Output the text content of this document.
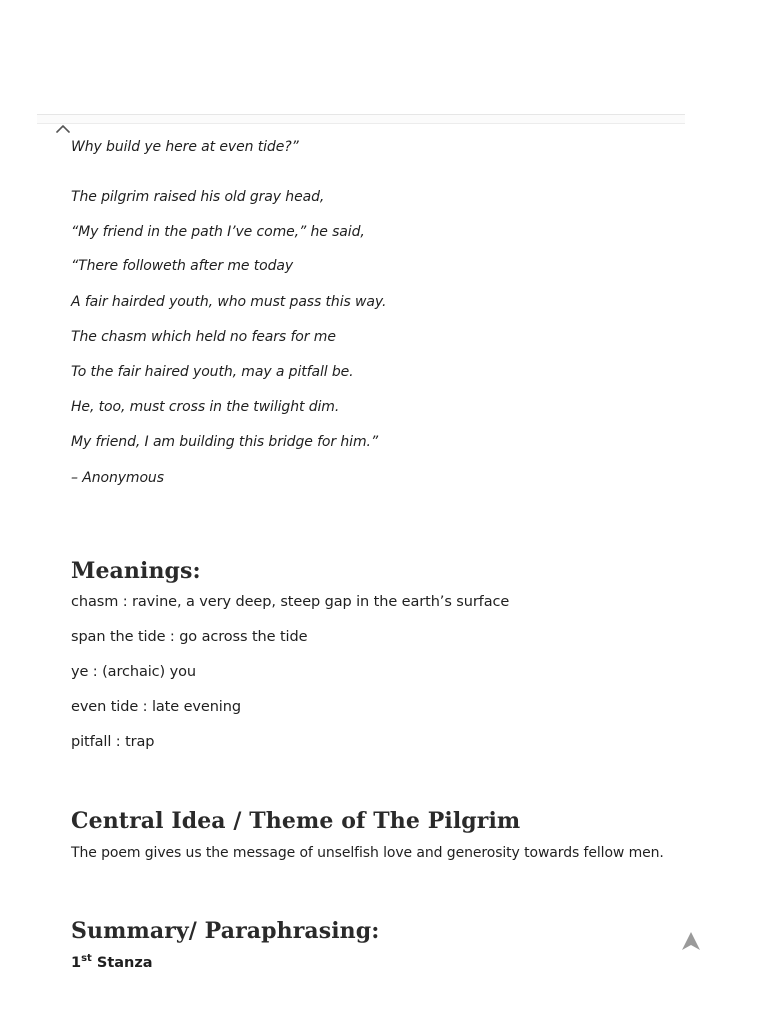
Why build ye here at even tide?”

The pilgrim raised his old gray head,

“My friend in the path I’ve come,” he said,

“There followeth after me today

A fair hairded youth, who must pass this way.

The chasm which held no fears for me

To the fair haired youth, may a pitfall be.

He, too, must cross in the twilight dim.

My friend, I am building this bridge for him.”

– Anonymous

Meanings:

chasm : ravine, a very deep, steep gap in the earth’s surface

span the tide : go across the tide

ye : (archaic) you

even tide : late evening

pitfall : trap

Central Idea / Theme of The Pilgrim

The poem gives us the message of unselfish love and generosity towards fellow men.

Summary/ Paraphrasing:

1st Stanza
